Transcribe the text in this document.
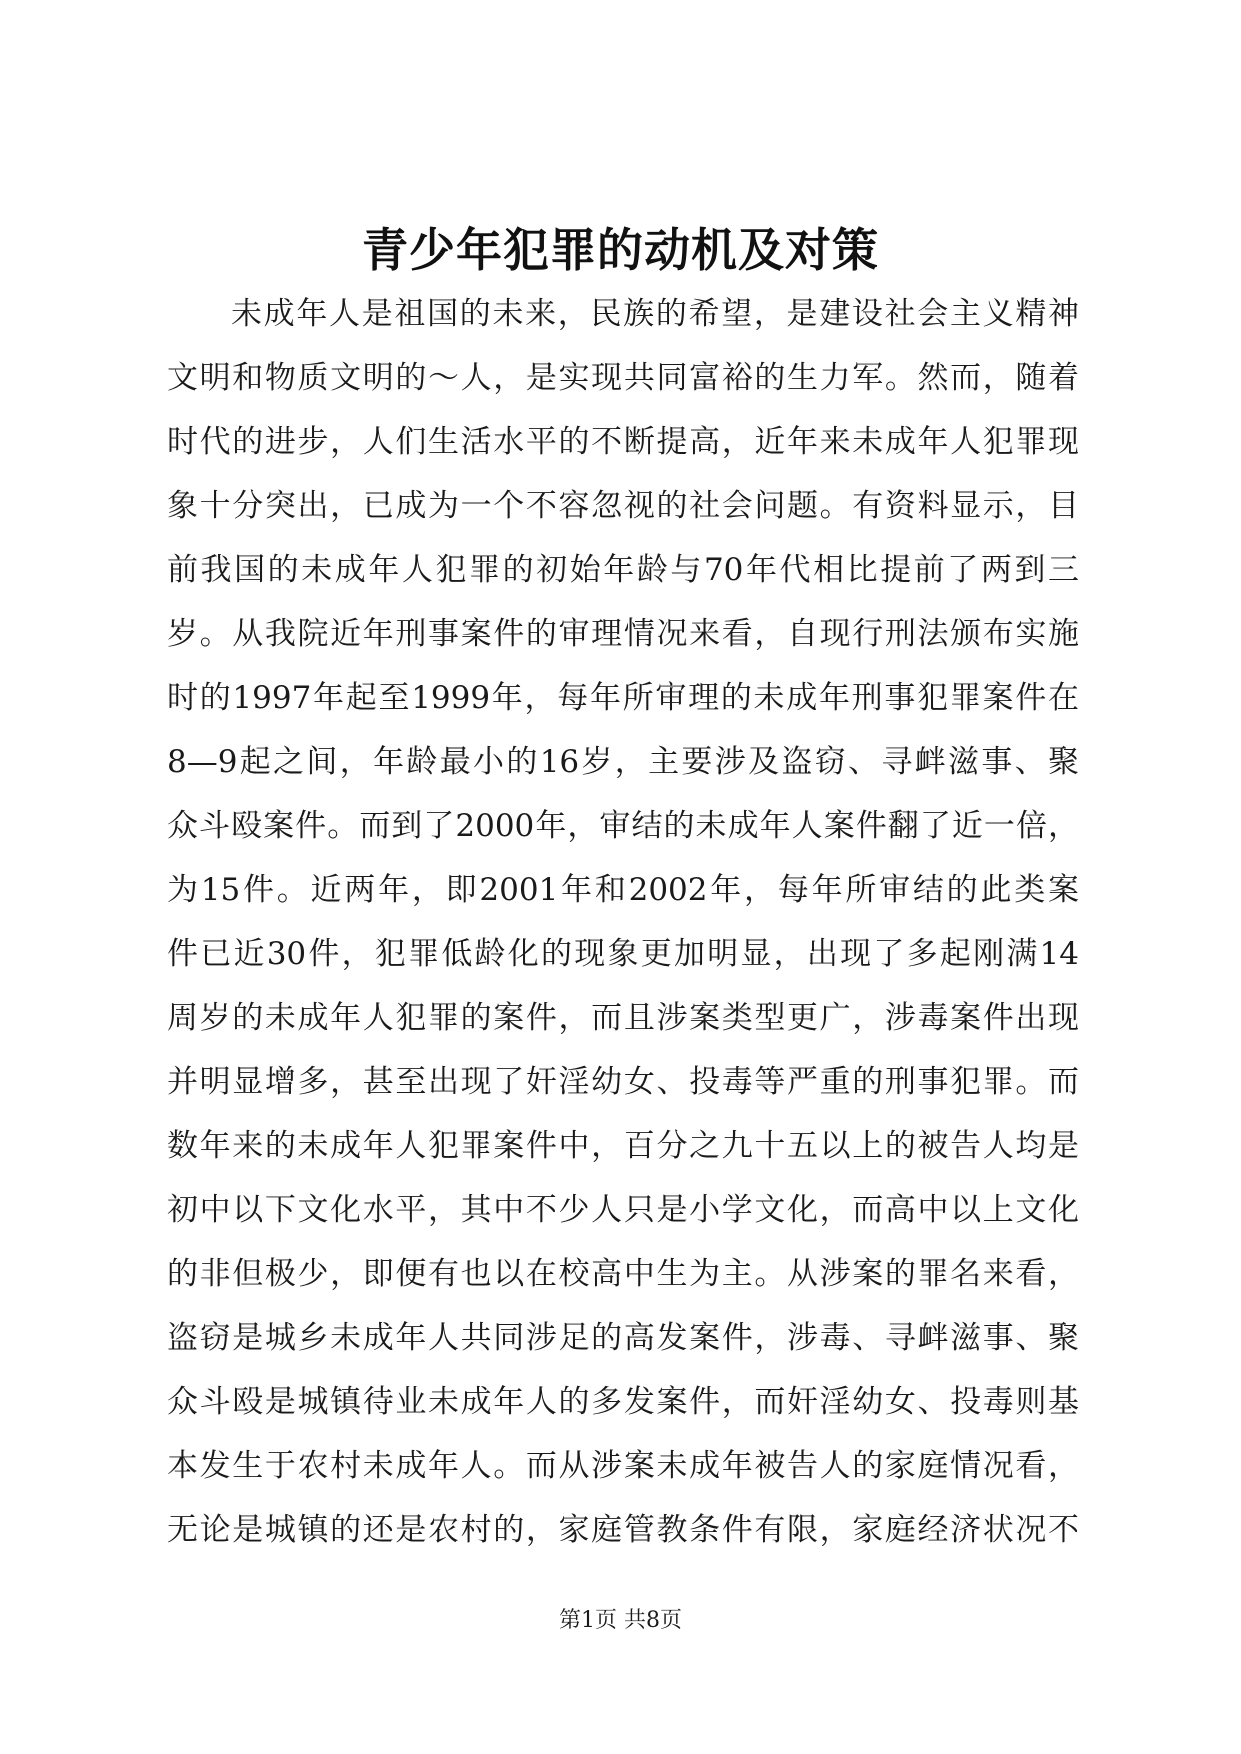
青少年犯罪的动机及对策
未成年人是祖国的未来，民族的希望，是建设社会主义精神
文明和物质文明的～人，是实现共同富裕的生力军。然而，随着
时代的进步，人们生活水平的不断提高，近年来未成年人犯罪现
象十分突出，已成为一个不容忽视的社会问题。有资料显示，目
前我国的未成年人犯罪的初始年龄与70年代相比提前了两到三
岁。从我院近年刑事案件的审理情况来看，自现行刑法颁布实施
时的1997年起至1999年，每年所审理的未成年刑事犯罪案件在
8—9起之间，年龄最小的16岁，主要涉及盗窃、寻衅滋事、聚
众斗殴案件。而到了2000年，审结的未成年人案件翻了近一倍，
为15件。近两年，即2001年和2002年，每年所审结的此类案
件已近30件，犯罪低龄化的现象更加明显，出现了多起刚满14
周岁的未成年人犯罪的案件，而且涉案类型更广，涉毒案件出现
并明显增多，甚至出现了奸淫幼女、投毒等严重的刑事犯罪。而
数年来的未成年人犯罪案件中，百分之九十五以上的被告人均是
初中以下文化水平，其中不少人只是小学文化，而高中以上文化
的非但极少，即便有也以在校高中生为主。从涉案的罪名来看，
盗窃是城乡未成年人共同涉足的高发案件，涉毒、寻衅滋事、聚
众斗殴是城镇待业未成年人的多发案件，而奸淫幼女、投毒则基
本发生于农村未成年人。而从涉案未成年被告人的家庭情况看，
无论是城镇的还是农村的，家庭管教条件有限，家庭经济状况不
第1页 共8页
